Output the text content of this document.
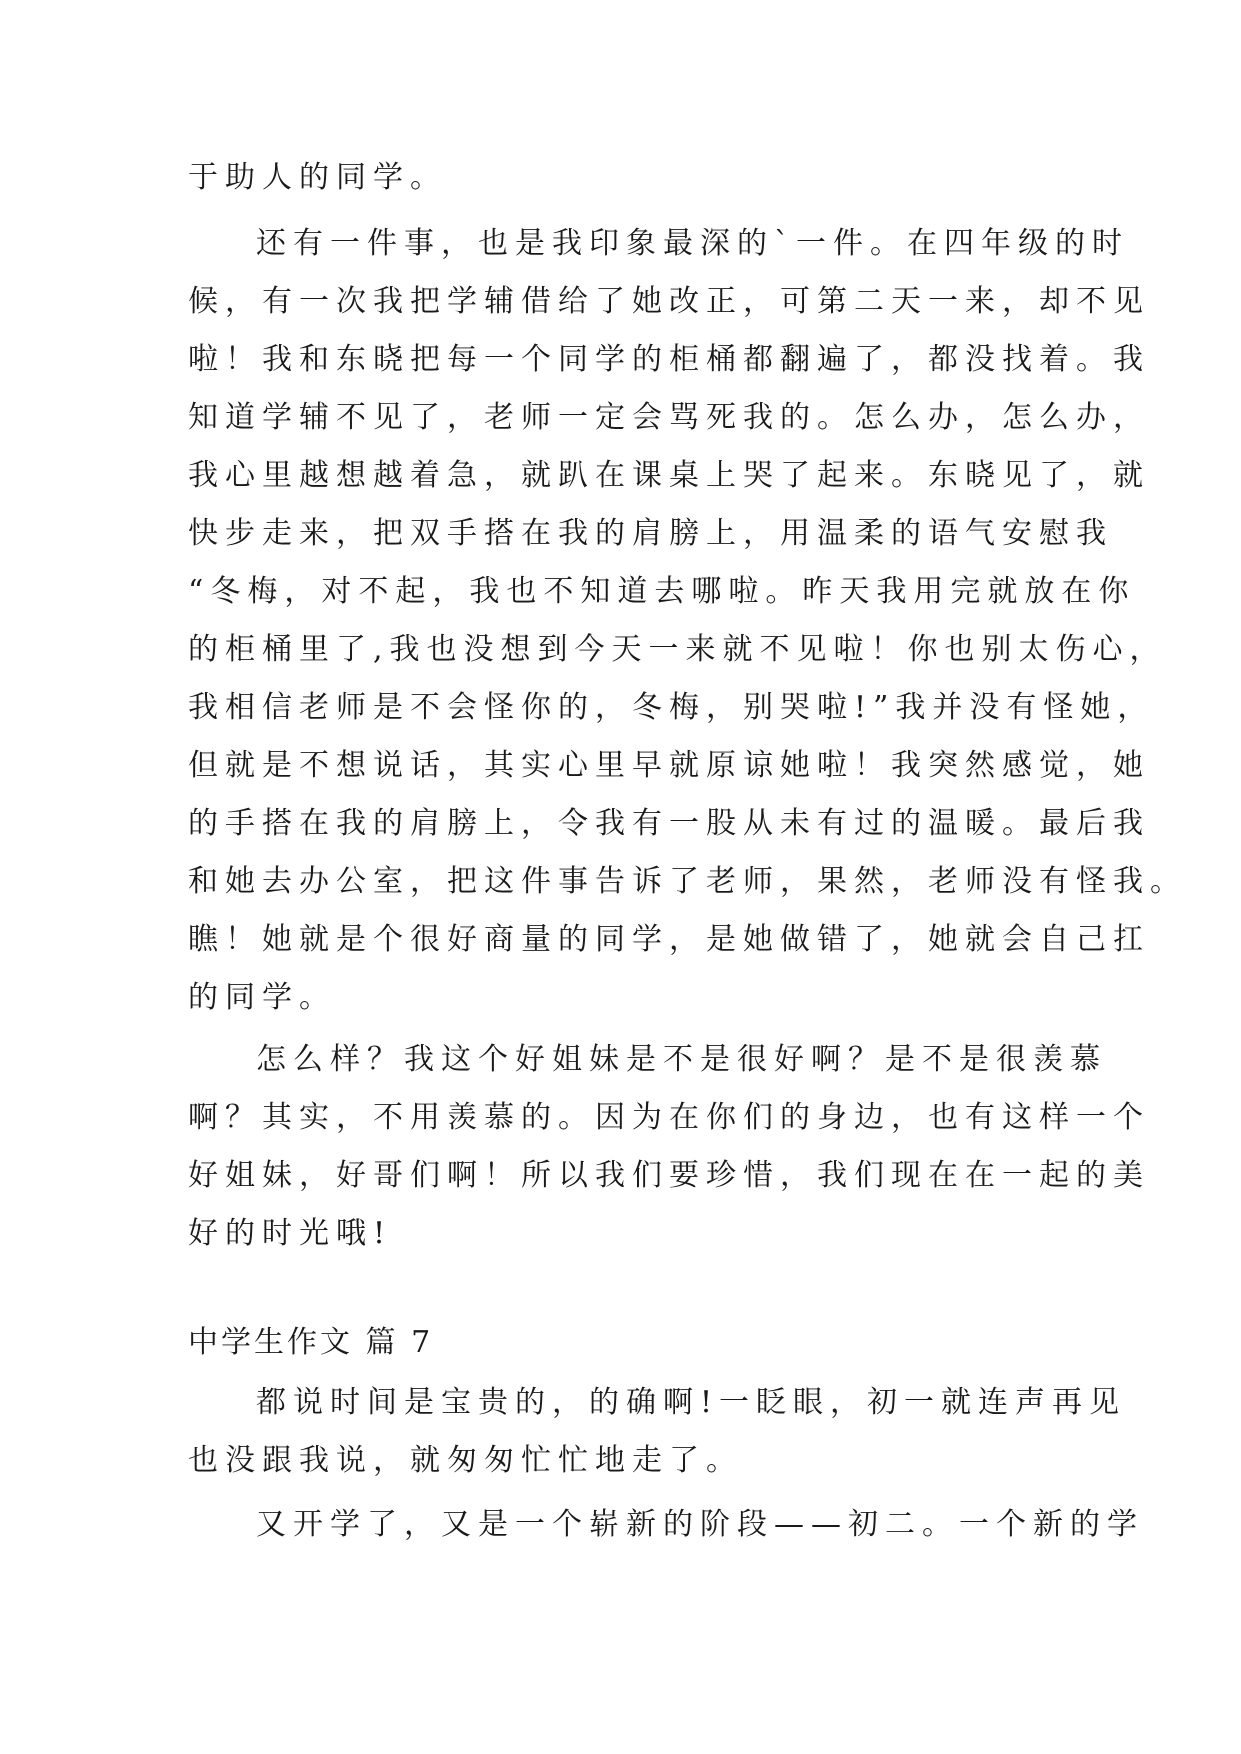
于助人的同学。
还有一件事，也是我印象最深的`一件。在四年级的时
候，有一次我把学辅借给了她改正，可第二天一来，却不见
啦！我和东晓把每一个同学的柜桶都翻遍了，都没找着。我
知道学辅不见了，老师一定会骂死我的。怎么办，怎么办，
我心里越想越着急，就趴在课桌上哭了起来。东晓见了，就
快步走来，把双手搭在我的肩膀上，用温柔的语气安慰我
“冬梅，对不起，我也不知道去哪啦。昨天我用完就放在你
的柜桶里了,我也没想到今天一来就不见啦！你也别太伤心，
我相信老师是不会怪你的，冬梅，别哭啦!”我并没有怪她，
但就是不想说话，其实心里早就原谅她啦！我突然感觉，她
的手搭在我的肩膀上，令我有一股从未有过的温暖。最后我
和她去办公室，把这件事告诉了老师，果然，老师没有怪我。
瞧！她就是个很好商量的同学，是她做错了，她就会自己扛
的同学。
怎么样？我这个好姐妹是不是很好啊？是不是很羡慕
啊？其实，不用羡慕的。因为在你们的身边，也有这样一个
好姐妹，好哥们啊！所以我们要珍惜，我们现在在一起的美
好的时光哦!
中学生作文 篇 7
都说时间是宝贵的，的确啊!一眨眼，初一就连声再见
也没跟我说，就匆匆忙忙地走了。
又开学了，又是一个崭新的阶段——初二。一个新的学
